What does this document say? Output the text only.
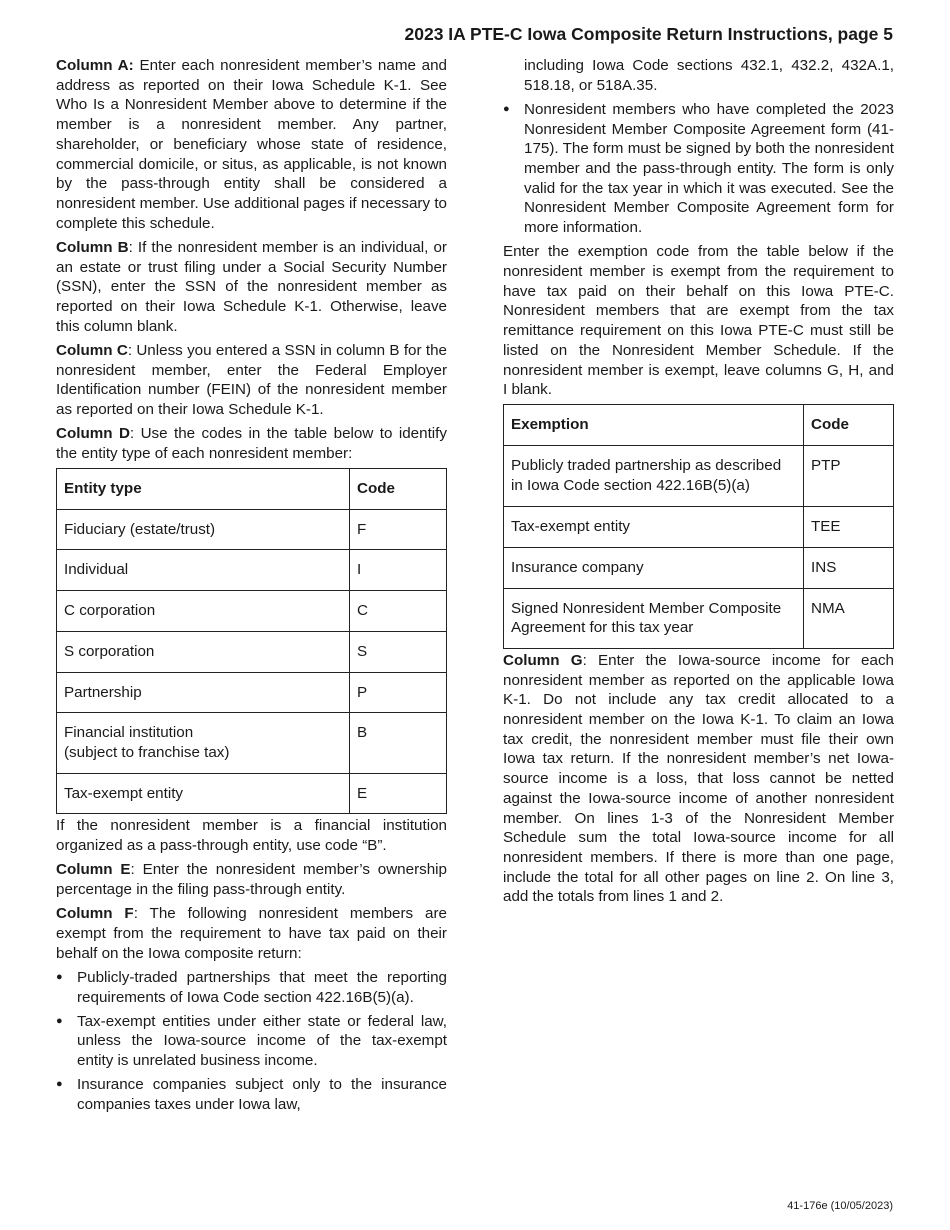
2023 IA PTE-C Iowa Composite Return Instructions, page 5

Column A: Enter each nonresident member’s name and address as reported on their Iowa Schedule K-1. See Who Is a Nonresident Member above to determine if the member is a nonresident member. Any partner, shareholder, or beneficiary whose state of residence, commercial domicile, or situs, as applicable, is not known by the pass-through entity shall be considered a nonresident member. Use additional pages if necessary to complete this schedule.

Column B: If the nonresident member is an individual, or an estate or trust filing under a Social Security Number (SSN), enter the SSN of the nonresident member as reported on their Iowa Schedule K-1. Otherwise, leave this column blank.

Column C: Unless you entered a SSN in column B for the nonresident member, enter the Federal Employer Identification number (FEIN) of the nonresident member as reported on their Iowa Schedule K-1.

Column D: Use the codes in the table below to identify the entity type of each nonresident member:

Entity type	Code
Fiduciary (estate/trust)	F
Individual	I
C corporation	C
S corporation	S
Partnership	P
Financial institution
(subject to franchise tax)	B
Tax-exempt entity	E

If the nonresident member is a financial institution organized as a pass-through entity, use code “B”.

Column E: Enter the nonresident member’s ownership percentage in the filing pass-through entity.

Column F: The following nonresident members are exempt from the requirement to have tax paid on their behalf on the Iowa composite return:

● Publicly-traded partnerships that meet the reporting requirements of Iowa Code section 422.16B(5)(a).
● Tax-exempt entities under either state or federal law, unless the Iowa-source income of the tax-exempt entity is unrelated business income.
● Insurance companies subject only to the insurance companies taxes under Iowa law,
including Iowa Code sections 432.1, 432.2, 432A.1, 518.18, or 518A.35.
● Nonresident members who have completed the 2023 Nonresident Member Composite Agreement form (41-175). The form must be signed by both the nonresident member and the pass-through entity. The form is only valid for the tax year in which it was executed. See the Nonresident Member Composite Agreement form for more information.

Enter the exemption code from the table below if the nonresident member is exempt from the requirement to have tax paid on their behalf on this Iowa PTE-C. Nonresident members that are exempt from the tax remittance requirement on this Iowa PTE-C must still be listed on the Nonresident Member Schedule. If the nonresident member is exempt, leave columns G, H, and I blank.

Exemption	Code
Publicly traded partnership as described in Iowa Code section 422.16B(5)(a)	PTP
Tax-exempt entity	TEE
Insurance company	INS
Signed Nonresident Member Composite Agreement for this tax year	NMA

Column G: Enter the Iowa-source income for each nonresident member as reported on the applicable Iowa K-1. Do not include any tax credit allocated to a nonresident member on the Iowa K-1. To claim an Iowa tax credit, the nonresident member must file their own Iowa tax return. If the nonresident member’s net Iowa-source income is a loss, that loss cannot be netted against the Iowa-source income of another nonresident member. On lines 1-3 of the Nonresident Member Schedule sum the total Iowa-source income for all nonresident members. If there is more than one page, include the total for all other pages on line 2. On line 3, add the totals from lines 1 and 2.

41-176e (10/05/2023)
